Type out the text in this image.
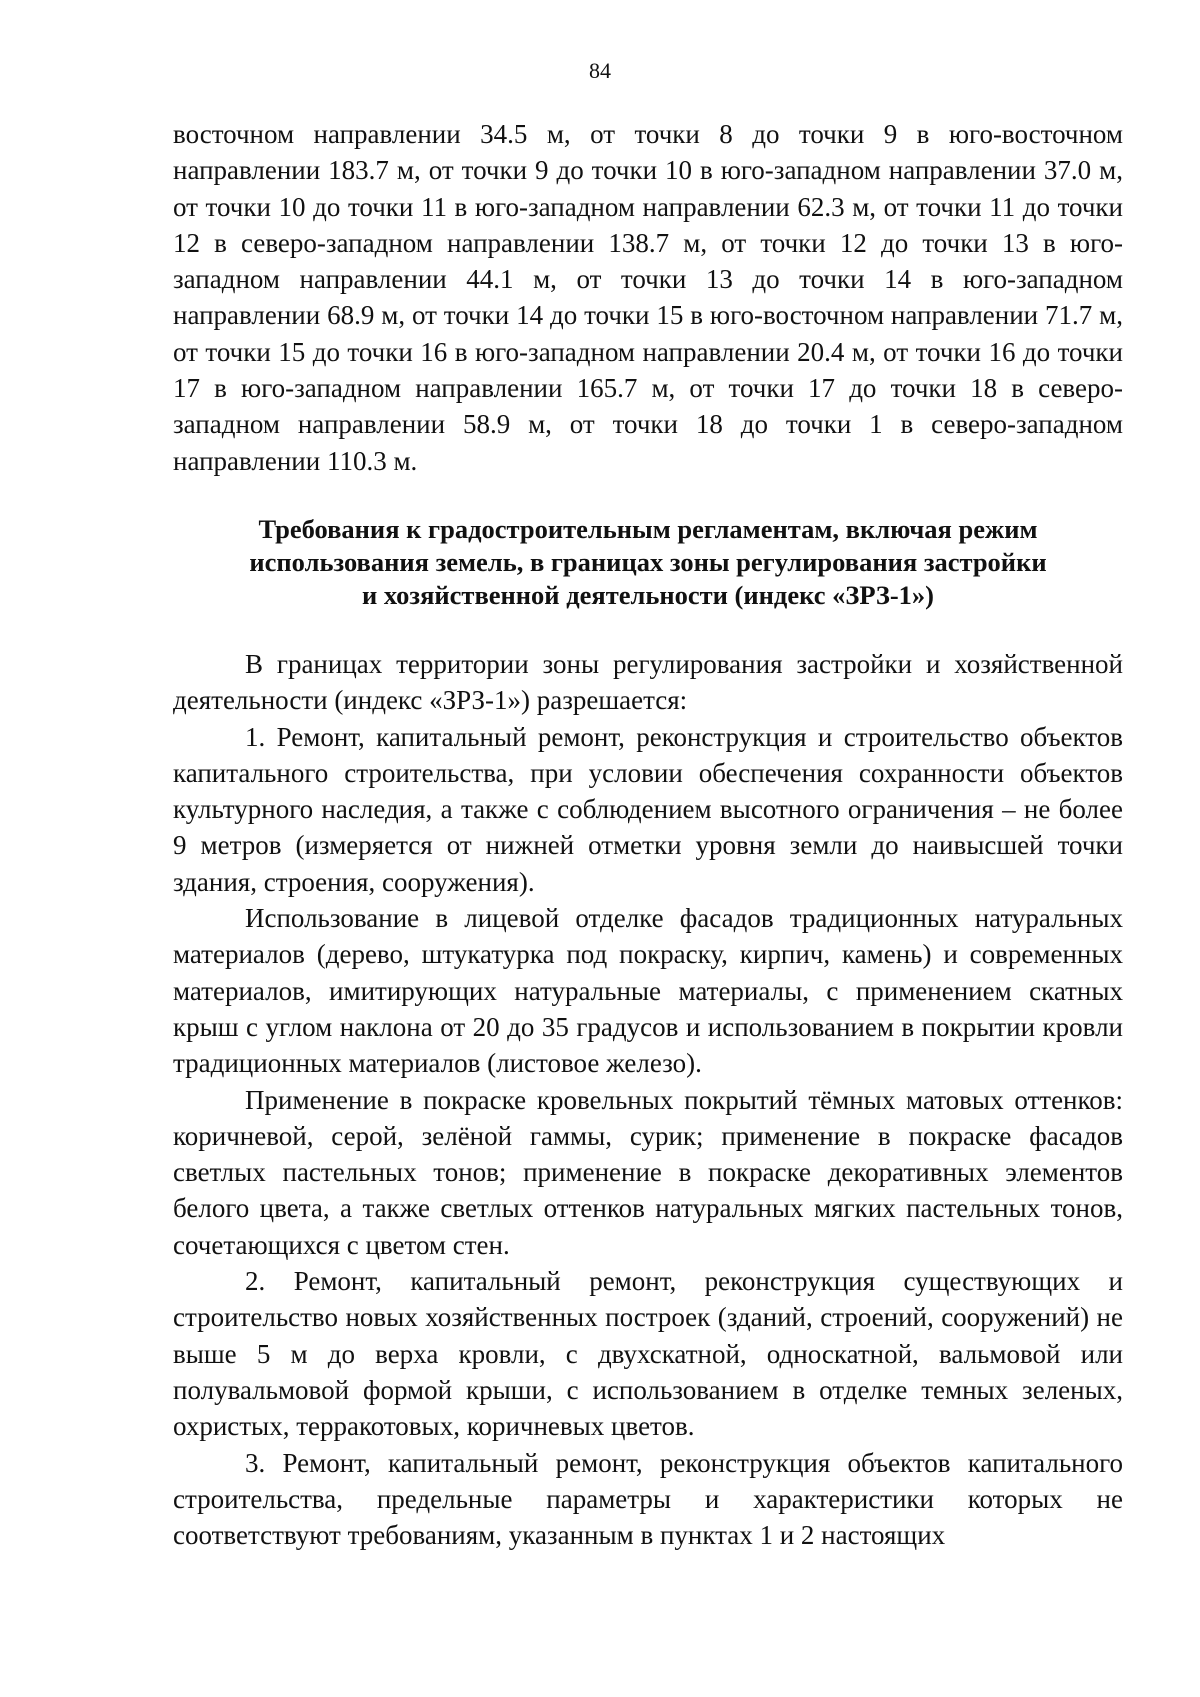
84

восточном направлении 34.5 м, от точки 8 до точки 9 в юго-восточном направлении 183.7 м, от точки 9 до точки 10 в юго-западном направлении 37.0 м, от точки 10 до точки 11 в юго-западном направлении 62.3 м, от точки 11 до точки 12 в северо-западном направлении 138.7 м, от точки 12 до точки 13 в юго-западном направлении 44.1 м, от точки 13 до точки 14 в юго-западном направлении 68.9 м, от точки 14 до точки 15 в юго-восточном направлении 71.7 м, от точки 15 до точки 16 в юго-западном направлении 20.4 м, от точки 16 до точки 17 в юго-западном направлении 165.7 м, от точки 17 до точки 18 в северо-западном направлении 58.9 м, от точки 18 до точки 1 в северо-западном направлении 110.3 м.

Требования к градостроительным регламентам, включая режим
использования земель, в границах зоны регулирования застройки
и хозяйственной деятельности (индекс «ЗРЗ-1»)

В границах территории зоны регулирования застройки и хозяйственной деятельности (индекс «ЗРЗ-1») разрешается:

1. Ремонт, капитальный ремонт, реконструкция и строительство объектов капитального строительства, при условии обеспечения сохранности объектов культурного наследия, а также с соблюдением высотного ограничения – не более 9 метров (измеряется от нижней отметки уровня земли до наивысшей точки здания, строения, сооружения).

Использование в лицевой отделке фасадов традиционных натуральных материалов (дерево, штукатурка под покраску, кирпич, камень) и современных материалов, имитирующих натуральные материалы, с применением скатных крыш с углом наклона от 20 до 35 градусов и использованием в покрытии кровли традиционных материалов (листовое железо).

Применение в покраске кровельных покрытий тёмных матовых оттенков: коричневой, серой, зелёной гаммы, сурик; применение в покраске фасадов светлых пастельных тонов; применение в покраске декоративных элементов белого цвета, а также светлых оттенков натуральных мягких пастельных тонов, сочетающихся с цветом стен.

2. Ремонт, капитальный ремонт, реконструкция существующих и строительство новых хозяйственных построек (зданий, строений, сооружений) не выше 5 м до верха кровли, с двухскатной, односкатной, вальмовой или полувальмовой формой крыши, с использованием в отделке темных зеленых, охристых, терракотовых, коричневых цветов.

3. Ремонт, капитальный ремонт, реконструкция объектов капитального строительства, предельные параметры и характеристики которых не соответствуют требованиям, указанным в пунктах 1 и 2 настоящих
